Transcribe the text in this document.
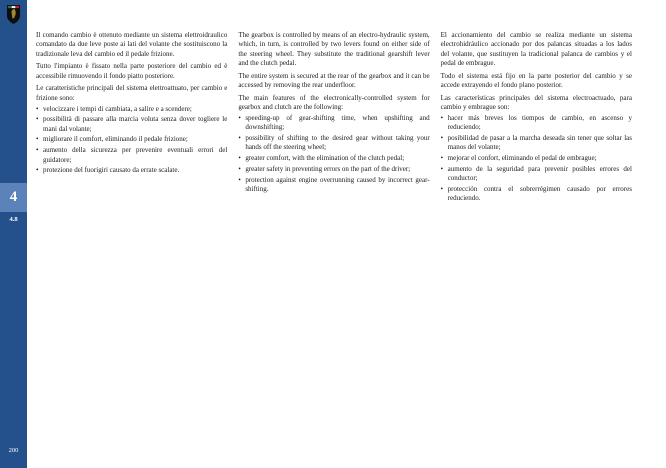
4
4.8
200

Il comando cambio è ottenuto mediante un sistema elettroidraulico comandato da due leve poste ai lati del volante che sostituiscono la tradizionale leva del cambio ed il pedale frizione.

Tutto l'impianto è fissato nella parte posteriore del cambio ed è accessibile rimuovendo il fondo piatto posteriore.

Le caratteristiche principali del sistema elettroattuato, per cambio e frizione sono:

• velocizzare i tempi di cambiata, a salire e a scendere;
• possibilità di passare alla marcia voluta senza dover togliere le mani dal volante;
• migliorare il comfort, eliminando il pedale frizione;
• aumento della sicurezza per prevenire eventuali errori del guidatore;
• protezione del fuorigiri causato da errate scalate.

The gearbox is controlled by means of an electro-hydraulic system, which, in turn, is controlled by two levers found on either side of the steering wheel. They substitute the traditional gearshift lever and the clutch pedal.

The entire system is secured at the rear of the gearbox and it can be accessed by removing the rear underfloor.

The main features of the electronically-controlled system for gearbox and clutch are the following:

• speeding-up of gear-shifting time, when upshifting and downshifting;
• possibility of shifting to the desired gear without taking your hands off the steering wheel;
• greater comfort, with the elimination of the clutch pedal;
• greater safety in preventing errors on the part of the driver;
• protection against engine overrunning caused by incorrect gear-shifting.

El accionamiento del cambio se realiza mediante un sistema electrohidráulico accionado por dos palancas situadas a los lados del volante, que sustituyen la tradicional palanca de cambios y el pedal de embrague.

Todo el sistema está fijo en la parte posterior del cambio y se accede extrayendo el fondo plano posterior.

Las características principales del sistema electroactuado, para cambio y embrague son:

• hacer más breves los tiempos de cambio, en ascenso y reduciendo;
• posibilidad de pasar a la marcha deseada sin tener que soltar las manos del volante;
• mejorar el confort, eliminando el pedal de embrague;
• aumento de la seguridad para prevenir posibles errores del conductor;
• protección contra el sobrerrégimen causado por errores reduciendo.
